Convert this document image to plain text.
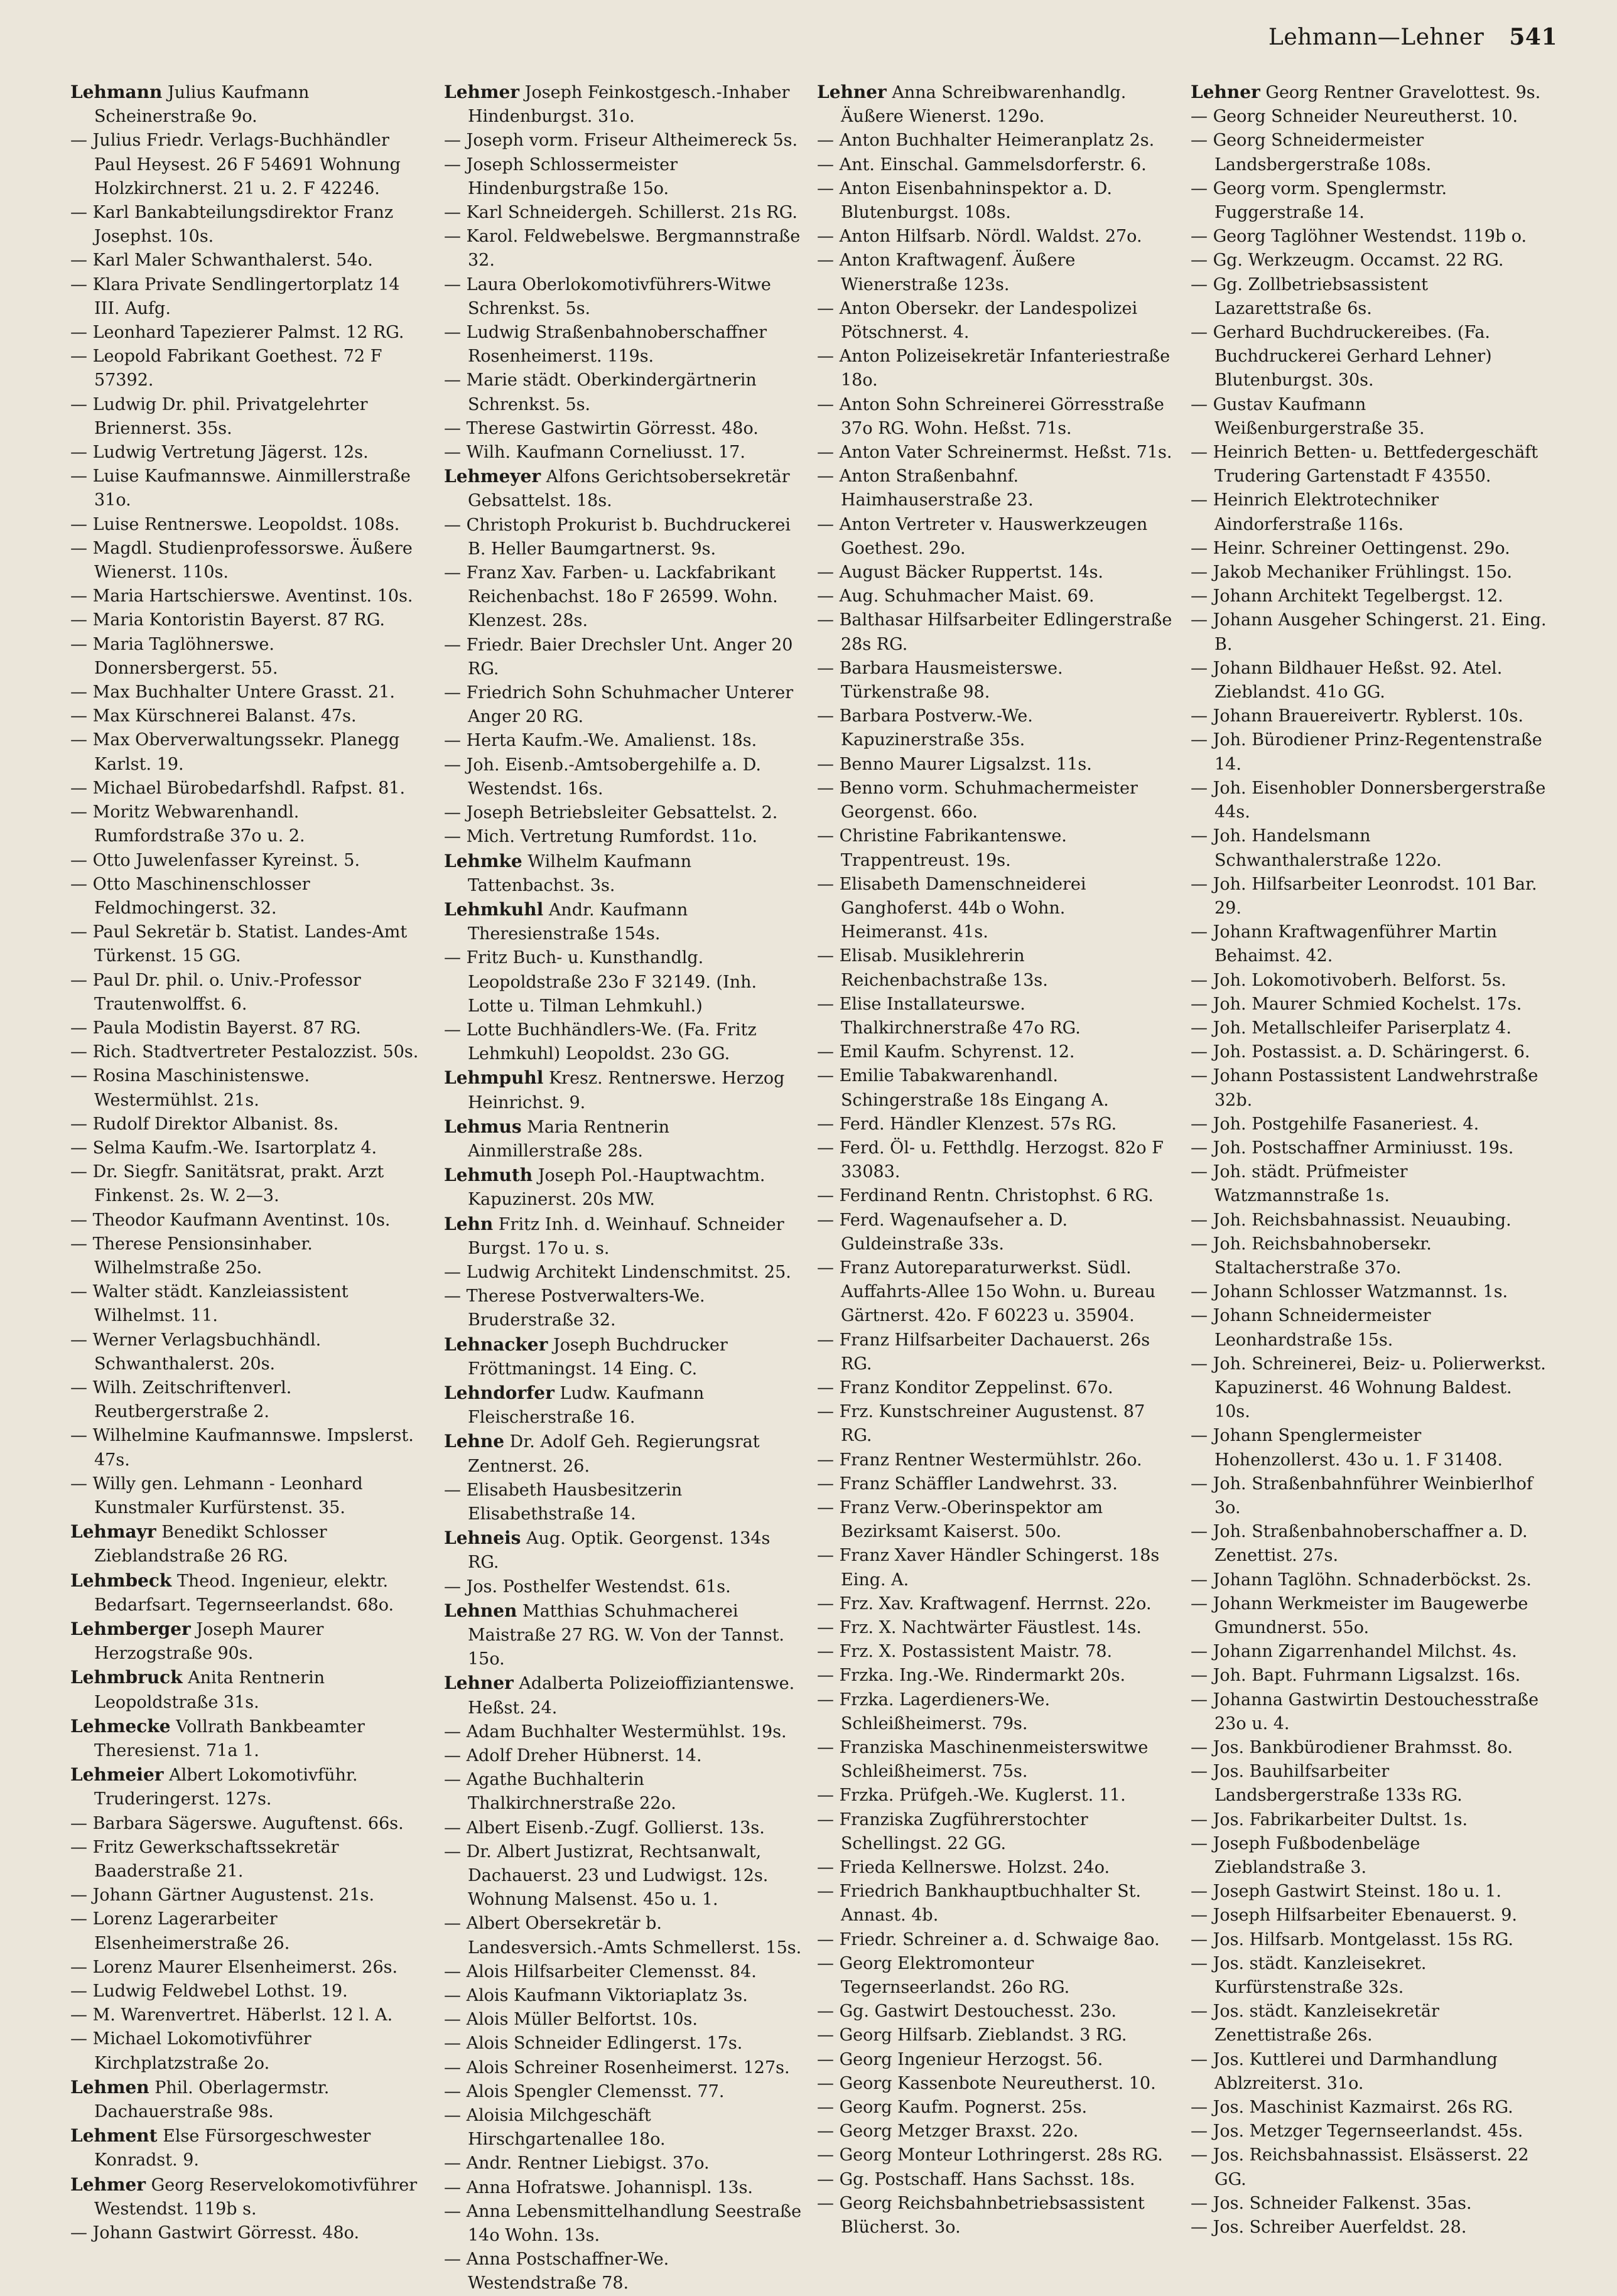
Lehmann—Lehner 541
Lehmann Julius Kaufmann Scheinerstraße 9o.
— Julius Friedr. Verlags-Buchhändler Paul Heysest. 26 F 54691 Wohnung Holzkirchnerst. 21 u. 2. F 42246.
— Karl Bankabteilungsdirektor Franz Josephst. 10s.
— Karl Maler Schwanthalerst. 54o.
— Klara Private Sendlingertorplatz 14 III. Aufg.
— Leonhard Tapezierer Palmst. 12 RG.
— Leopold Fabrikant Goethest. 72 F 57392.
— Ludwig Dr. phil. Privatgelehrter Briennerst. 35s.
— Ludwig Vertretung Jägerst. 12s.
— Luise Kaufmannswe. Ainmillerstraße 31o.
— Luise Rentnerswe. Leopoldst. 108s.
— Magdl. Studienprofessorswe. Äußere Wienerst. 110s.
— Maria Hartschierswe. Aventinst. 10s.
— Maria Kontoristin Bayerst. 87 RG.
— Maria Taglöhnerswe. Donnersbergerst. 55.
— Max Buchhalter Untere Grasst. 21.
— Max Kürschnerei Balanst. 47s.
— Max Oberverwaltungssekr. Planegg Karlst. 19.
— Michael Bürobedarfshdl. Rafpst. 81.
— Moritz Webwarenhandl. Rumfordstraße 37o u. 2.
— Otto Juwelenfasser Kyreinst. 5.
— Otto Maschinenschlosser Feldmochingerst. 32.
— Paul Sekretär b. Statist. Landes-Amt Türkenst. 15 GG.
— Paul Dr. phil. o. Univ.-Professor Trautenwolffst. 6.
— Paula Modistin Bayerst. 87 RG.
— Rich. Stadtvertreter Pestalozzist. 50s.
— Rosina Maschinistenswe. Westermühlst. 21s.
— Rudolf Direktor Albanist. 8s.
— Selma Kaufm.-We. Isartorplatz 4.
— Dr. Siegfr. Sanitätsrat, prakt. Arzt Finkenst. 2s. W. 2—3.
— Theodor Kaufmann Aventinst. 10s.
— Therese Pensionsinhaber. Wilhelmstraße 25o.
— Walter städt. Kanzleiassistent Wilhelmst. 11.
— Werner Verlagsbuchhändl. Schwanthalerst. 20s.
— Wilh. Zeitschriftenverl. Reutbergerstraße 2.
— Wilhelmine Kaufmannswe. Impslerst. 47s.
— Willy gen. Lehmann - Leonhard Kunstmaler Kurfürstenst. 35.
Lehmayr Benedikt Schlosser Zieblandstraße 26 RG.
Lehmbeck Theod. Ingenieur, elektr. Bedarfsart. Tegernseerlandst. 68o.
Lehmberger Joseph Maurer Herzogstraße 90s.
Lehmbruck Anita Rentnerin Leopoldstraße 31s.
Lehmecke Vollrath Bankbeamter Theresienst. 71a 1.
Lehmeier Albert Lokomotivführ. Truderingerst. 127s.
— Barbara Sägerswe. Auguftenst. 66s.
— Fritz Gewerkschaftssekretär Baaderstraße 21.
— Johann Gärtner Augustenst. 21s.
— Lorenz Lagerarbeiter Elsenheimerstraße 26.
— Lorenz Maurer Elsenheimerst. 26s.
— Ludwig Feldwebel Lothst. 19.
— M. Warenvertret. Häberlst. 12 l. A.
— Michael Lokomotivführer Kirchplatzstraße 2o.
Lehmen Phil. Oberlagermstr. Dachauerstraße 98s.
Lehment Else Fürsorgeschwester Konradst. 9.
Lehmer Georg Reservelokomotivführer Westendst. 119b s.
— Johann Gastwirt Görresst. 48o.
Lehmer Joseph Feinkostgesch.-Inhaber Hindenburgst. 31o.
— Joseph vorm. Friseur Altheimereck 5s.
— Joseph Schlossermeister Hindenburgstraße 15o.
— Karl Schneidergeh. Schillerst. 21s RG.
— Karol. Feldwebelswe. Bergmannstraße 32.
— Laura Oberlokomotivführers-Witwe Schrenkst. 5s.
— Ludwig Straßenbahnoberschaffner Rosenheimerst. 119s.
— Marie städt. Oberkindergärtnerin Schrenkst. 5s.
— Therese Gastwirtin Görresst. 48o.
— Wilh. Kaufmann Corneliusst. 17.
Lehmeyer Alfons Gerichtsobersekretär Gebsattelst. 18s.
— Christoph Prokurist b. Buchdruckerei B. Heller Baumgartnerst. 9s.
— Franz Xav. Farben- u. Lackfabrikant Reichenbachst. 18o F 26599. Wohn. Klenzest. 28s.
— Friedr. Baier Drechsler Unt. Anger 20 RG.
— Friedrich Sohn Schuhmacher Unterer Anger 20 RG.
— Herta Kaufm.-We. Amalienst. 18s.
— Joh. Eisenb.-Amtsobergehilfe a. D. Westendst. 16s.
— Joseph Betriebsleiter Gebsattelst. 2.
— Mich. Vertretung Rumfordst. 11o.
Lehmke Wilhelm Kaufmann Tattenbachst. 3s.
Lehmkuhl Andr. Kaufmann Theresienstraße 154s.
— Fritz Buch- u. Kunsthandlg. Leopoldstraße 23o F 32149. (Inh. Lotte u. Tilman Lehmkuhl.)
— Lotte Buchhändlers-We. (Fa. Fritz Lehmkuhl) Leopoldst. 23o GG.
Lehmpuhl Kresz. Rentnerswe. Herzog Heinrichst. 9.
Lehmus Maria Rentnerin Ainmillerstraße 28s.
Lehmuth Joseph Pol.-Hauptwachtm. Kapuzinerst. 20s MW.
Lehn Fritz Inh. d. Weinhauf. Schneider Burgst. 17o u. s.
— Ludwig Architekt Lindenschmitst. 25.
— Therese Postverwalters-We. Bruderstraße 32.
Lehnacker Joseph Buchdrucker Fröttmaningst. 14 Eing. C.
Lehndorfer Ludw. Kaufmann Fleischerstraße 16.
Lehne Dr. Adolf Geh. Regierungsrat Zentnerst. 26.
— Elisabeth Hausbesitzerin Elisabethstraße 14.
Lehneis Aug. Optik. Georgenst. 134s RG.
— Jos. Posthelfer Westendst. 61s.
Lehnen Matthias Schuhmacherei Maistraße 27 RG. W. Von der Tannst. 15o.
Lehner Adalberta Polizeioffiziantenswe. Heßst. 24.
— Adam Buchhalter Westermühlst. 19s.
— Adolf Dreher Hübnerst. 14.
— Agathe Buchhalterin Thalkirchnerstraße 22o.
— Albert Eisenb.-Zugf. Gollierst. 13s.
— Dr. Albert Justizrat, Rechtsanwalt, Dachauerst. 23 und Ludwigst. 12s. Wohnung Malsenst. 45o u. 1.
— Albert Obersekretär b. Landesversich.-Amts Schmellerst. 15s.
— Alois Hilfsarbeiter Clemensst. 84.
— Alois Kaufmann Viktoriaplatz 3s.
— Alois Müller Belfortst. 10s.
— Alois Schneider Edlingerst. 17s.
— Alois Schreiner Rosenheimerst. 127s.
— Alois Spengler Clemensst. 77.
— Aloisia Milchgeschäft Hirschgartenallee 18o.
— Andr. Rentner Liebigst. 37o.
— Anna Hofratswe. Johannispl. 13s.
— Anna Lebensmittelhandlung Seestraße 14o Wohn. 13s.
— Anna Postschaffner-We. Westendstraße 78.
Lehner Anna Schreibwarenhandlg. Äußere Wienerst. 129o.
— Anton Buchhalter Heimeranplatz 2s.
— Ant. Einschal. Gammelsdorferstr. 6.
— Anton Eisenbahninspektor a. D. Blutenburgst. 108s.
— Anton Hilfsarb. Nördl. Waldst. 27o.
— Anton Kraftwagenf. Äußere Wienerstraße 123s.
— Anton Obersekr. der Landespolizei Pötschnerst. 4.
— Anton Polizeisekretär Infanteriestraße 18o.
— Anton Sohn Schreinerei Görresstraße 37o RG. Wohn. Heßst. 71s.
— Anton Vater Schreinermst. Heßst. 71s.
— Anton Straßenbahnf. Haimhauserstraße 23.
— Anton Vertreter v. Hauswerkzeugen Goethest. 29o.
— August Bäcker Ruppertst. 14s.
— Aug. Schuhmacher Maist. 69.
— Balthasar Hilfsarbeiter Edlingerstraße 28s RG.
— Barbara Hausmeisterswe. Türkenstraße 98.
— Barbara Postverw.-We. Kapuzinerstraße 35s.
— Benno Maurer Ligsalzst. 11s.
— Benno vorm. Schuhmachermeister Georgenst. 66o.
— Christine Fabrikantenswe. Trappentreust. 19s.
— Elisabeth Damenschneiderei Ganghoferst. 44b o Wohn. Heimeranst. 41s.
— Elisab. Musiklehrerin Reichenbachstraße 13s.
— Elise Installateurswe. Thalkirchnerstraße 47o RG.
— Emil Kaufm. Schyrenst. 12.
— Emilie Tabakwarenhandl. Schingerstraße 18s Eingang A.
— Ferd. Händler Klenzest. 57s RG.
— Ferd. Öl- u. Fetthdlg. Herzogst. 82o F 33083.
— Ferdinand Rentn. Christophst. 6 RG.
— Ferd. Wagenaufseher a. D. Guldeinstraße 33s.
— Franz Autoreparaturwerkst. Südl. Auffahrts-Allee 15o Wohn. u. Bureau Gärtnerst. 42o. F 60223 u. 35904.
— Franz Hilfsarbeiter Dachauerst. 26s RG.
— Franz Konditor Zeppelinst. 67o.
— Frz. Kunstschreiner Augustenst. 87 RG.
— Franz Rentner Westermühlstr. 26o.
— Franz Schäffler Landwehrst. 33.
— Franz Verw.-Oberinspektor am Bezirksamt Kaiserst. 50o.
— Franz Xaver Händler Schingerst. 18s Eing. A.
— Frz. Xav. Kraftwagenf. Herrnst. 22o.
— Frz. X. Nachtwärter Fäustlest. 14s.
— Frz. X. Postassistent Maistr. 78.
— Frzka. Ing.-We. Rindermarkt 20s.
— Frzka. Lagerdieners-We. Schleißheimerst. 79s.
— Franziska Maschinenmeisterswitwe Schleißheimerst. 75s.
— Frzka. Prüfgeh.-We. Kuglerst. 11.
— Franziska Zugführerstochter Schellingst. 22 GG.
— Frieda Kellnerswe. Holzst. 24o.
— Friedrich Bankhauptbuchhalter St. Annast. 4b.
— Friedr. Schreiner a. d. Schwaige 8ao.
— Georg Elektromonteur Tegernseerlandst. 26o RG.
— Gg. Gastwirt Destouchesst. 23o.
— Georg Hilfsarb. Zieblandst. 3 RG.
— Georg Ingenieur Herzogst. 56.
— Georg Kassenbote Neureutherst. 10.
— Georg Kaufm. Pognerst. 25s.
— Georg Metzger Braxst. 22o.
— Georg Monteur Lothringerst. 28s RG.
— Gg. Postschaff. Hans Sachsst. 18s.
— Georg Reichsbahnbetriebsassistent Blücherst. 3o.
Lehner Georg Rentner Gravelottest. 9s.
— Georg Schneider Neureutherst. 10.
— Georg Schneidermeister Landsbergerstraße 108s.
— Georg vorm. Spenglermstr. Fuggerstraße 14.
— Georg Taglöhner Westendst. 119b o.
— Gg. Werkzeugm. Occamst. 22 RG.
— Gg. Zollbetriebsassistent Lazarettstraße 6s.
— Gerhard Buchdruckereibes. (Fa. Buchdruckerei Gerhard Lehner) Blutenburgst. 30s.
— Gustav Kaufmann Weißenburgerstraße 35.
— Heinrich Betten- u. Bettfedergeschäft Trudering Gartenstadt F 43550.
— Heinrich Elektrotechniker Aindorferstraße 116s.
— Heinr. Schreiner Oettingenst. 29o.
— Jakob Mechaniker Frühlingst. 15o.
— Johann Architekt Tegelbergst. 12.
— Johann Ausgeher Schingerst. 21. Eing. B.
— Johann Bildhauer Heßst. 92. Atel. Zieblandst. 41o GG.
— Johann Brauereivertr. Ryblerst. 10s.
— Joh. Bürodiener Prinz-Regentenstraße 14.
— Joh. Eisenhobler Donnersbergerstraße 44s.
— Joh. Handelsmann Schwanthalerstraße 122o.
— Joh. Hilfsarbeiter Leonrodst. 101 Bar. 29.
— Johann Kraftwagenführer Martin Behaimst. 42.
— Joh. Lokomotivoberh. Belforst. 5s.
— Joh. Maurer Schmied Kochelst. 17s.
— Joh. Metallschleifer Pariserplatz 4.
— Joh. Postassist. a. D. Schäringerst. 6.
— Johann Postassistent Landwehrstraße 32b.
— Joh. Postgehilfe Fasaneriest. 4.
— Joh. Postschaffner Arminiusst. 19s.
— Joh. städt. Prüfmeister Watzmannstraße 1s.
— Joh. Reichsbahnassist. Neuaubing.
— Joh. Reichsbahnobersekr. Staltacherstraße 37o.
— Johann Schlosser Watzmannst. 1s.
— Johann Schneidermeister Leonhardstraße 15s.
— Joh. Schreinerei, Beiz- u. Polierwerkst. Kapuzinerst. 46 Wohnung Baldest. 10s.
— Johann Spenglermeister Hohenzollerst. 43o u. 1. F 31408.
— Joh. Straßenbahnführer Weinbierlhof 3o.
— Joh. Straßenbahnoberschaffner a. D. Zenettist. 27s.
— Johann Taglöhn. Schnaderböckst. 2s.
— Johann Werkmeister im Baugewerbe Gmundnerst. 55o.
— Johann Zigarrenhandel Milchst. 4s.
— Joh. Bapt. Fuhrmann Ligsalzst. 16s.
— Johanna Gastwirtin Destouchesstraße 23o u. 4.
— Jos. Bankbürodiener Brahmsst. 8o.
— Jos. Bauhilfsarbeiter Landsbergerstraße 133s RG.
— Jos. Fabrikarbeiter Dultst. 1s.
— Joseph Fußbodenbeläge Zieblandstraße 3.
— Joseph Gastwirt Steinst. 18o u. 1.
— Joseph Hilfsarbeiter Ebenauerst. 9.
— Jos. Hilfsarb. Montgelasst. 15s RG.
— Jos. städt. Kanzleisekret. Kurfürstenstraße 32s.
— Jos. städt. Kanzleisekretär Zenettistraße 26s.
— Jos. Kuttlerei und Darmhandlung Ablzreiterst. 31o.
— Jos. Maschinist Kazmairst. 26s RG.
— Jos. Metzger Tegernseerlandst. 45s.
— Jos. Reichsbahnassist. Elsässerst. 22 GG.
— Jos. Schneider Falkenst. 35as.
— Jos. Schreiber Auerfeldst. 28.
